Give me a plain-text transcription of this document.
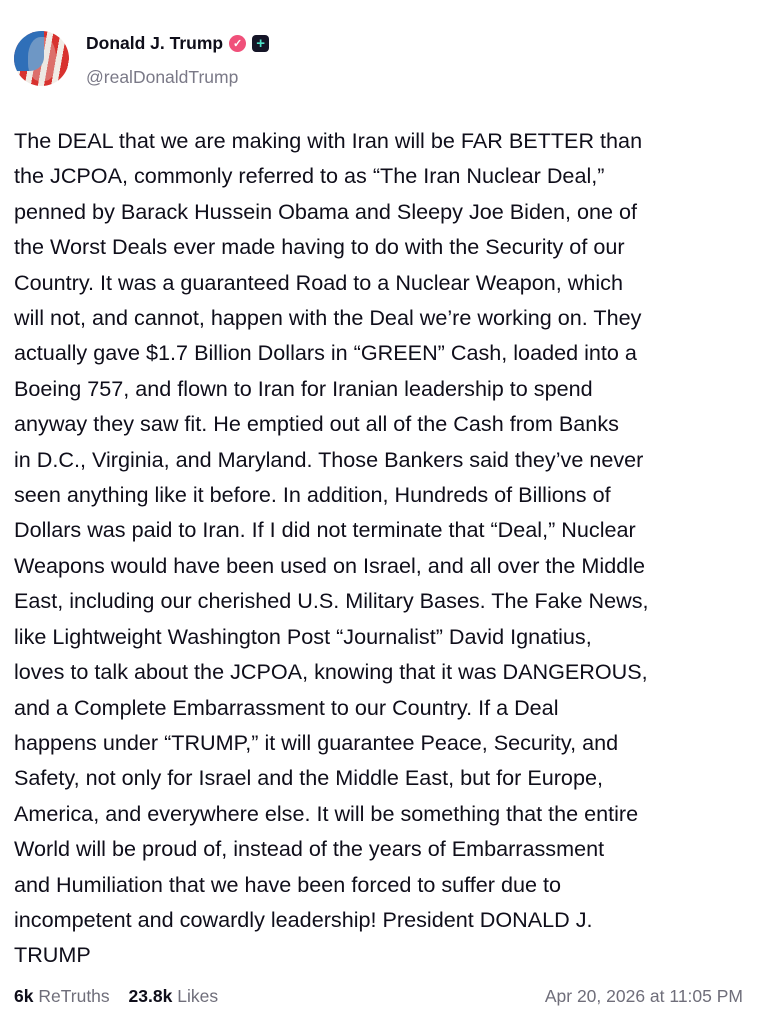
Donald J. Trump ✓ +
@realDonaldTrump
The DEAL that we are making with Iran will be FAR BETTER than
the JCPOA, commonly referred to as “The Iran Nuclear Deal,”
penned by Barack Hussein Obama and Sleepy Joe Biden, one of
the Worst Deals ever made having to do with the Security of our
Country. It was a guaranteed Road to a Nuclear Weapon, which
will not, and cannot, happen with the Deal we’re working on. They
actually gave $1.7 Billion Dollars in “GREEN” Cash, loaded into a
Boeing 757, and flown to Iran for Iranian leadership to spend
anyway they saw fit. He emptied out all of the Cash from Banks
in D.C., Virginia, and Maryland. Those Bankers said they’ve never
seen anything like it before. In addition, Hundreds of Billions of
Dollars was paid to Iran. If I did not terminate that “Deal,” Nuclear
Weapons would have been used on Israel, and all over the Middle
East, including our cherished U.S. Military Bases. The Fake News,
like Lightweight Washington Post “Journalist” David Ignatius,
loves to talk about the JCPOA, knowing that it was DANGEROUS,
and a Complete Embarrassment to our Country. If a Deal
happens under “TRUMP,” it will guarantee Peace, Security, and
Safety, not only for Israel and the Middle East, but for Europe,
America, and everywhere else. It will be something that the entire
World will be proud of, instead of the years of Embarrassment
and Humiliation that we have been forced to suffer due to
incompetent and cowardly leadership! President DONALD J.
TRUMP
6k ReTruths 23.8k Likes	Apr 20, 2026 at 11:05 PM
